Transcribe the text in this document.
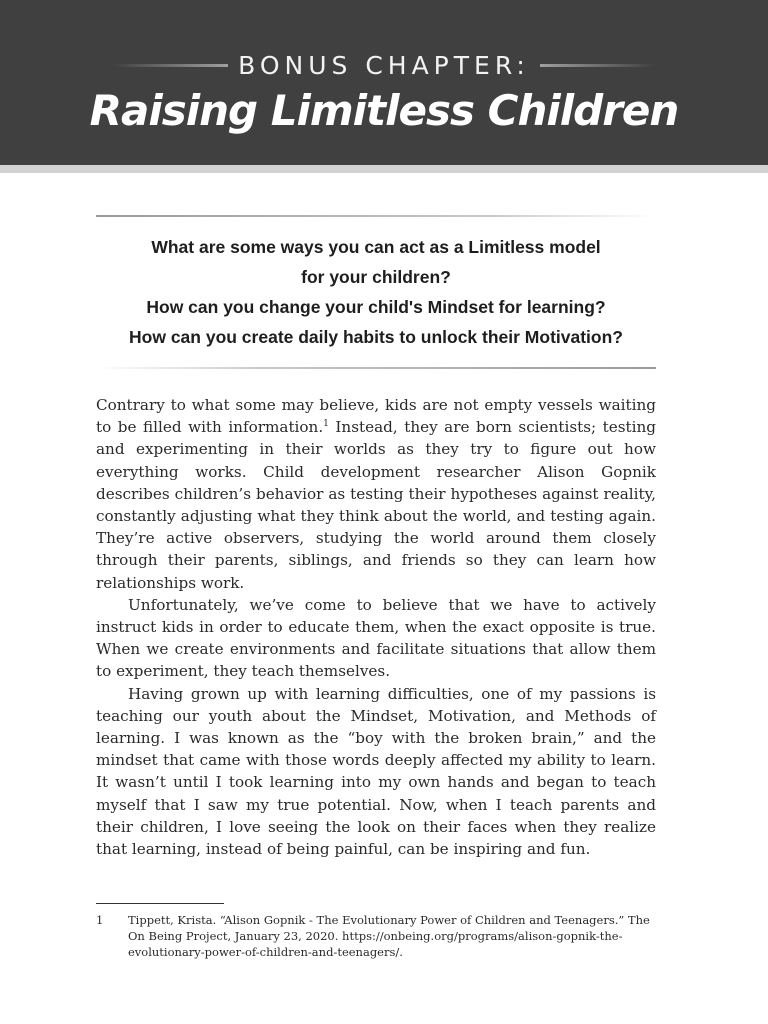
BONUS CHAPTER:
Raising Limitless Children
What are some ways you can act as a Limitless model
for your children?
How can you change your child's Mindset for learning?
How can you create daily habits to unlock their Motivation?

Contrary to what some may believe, kids are not empty vessels waiting to be filled with information.$^1$ Instead, they are born scientists; testing and experimenting in their worlds as they try to figure out how everything works. Child development researcher Alison Gopnik describes children’s behavior as testing their hypotheses against reality, constantly adjusting what they think about the world, and testing again. They’re active observers, studying the world around them closely through their parents, siblings, and friends so they can learn how relationships work.

Unfortunately, we’ve come to believe that we have to actively instruct kids in order to educate them, when the exact opposite is true. When we create environments and facilitate situations that allow them to experiment, they teach themselves.

Having grown up with learning difficulties, one of my passions is teaching our youth about the Mindset, Motivation, and Methods of learning. I was known as the “boy with the broken brain,” and the mindset that came with those words deeply affected my ability to learn. It wasn’t until I took learning into my own hands and began to teach myself that I saw my true potential. Now, when I teach parents and their children, I love seeing the look on their faces when they realize that learning, instead of being painful, can be inspiring and fun.

1	Tippett, Krista. “Alison Gopnik - The Evolutionary Power of Children and Teenagers.” The On Being Project, January 23, 2020. https://onbeing.org/programs/alison-gopnik-the-evolutionary-power-of-children-and-teenagers/.
